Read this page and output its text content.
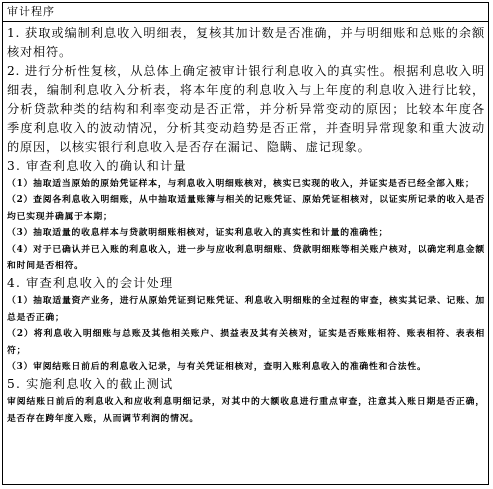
审计程序

1. 获取或编制利息收入明细表，复核其加计数是否准确，并与明细账和总账的余额核对相符。

2. 进行分析性复核，从总体上确定被审计银行利息收入的真实性。根据利息收入明细表，编制利息收入分析表，将本年度的利息收入与上年度的利息收入进行比较，分析贷款种类的结构和利率变动是否正常，并分析异常变动的原因；比较本年度各季度利息收入的波动情况，分析其变动趋势是否正常，并查明异常现象和重大波动的原因，以核实银行利息收入是否存在漏记、隐瞒、虚记现象。

3. 审查利息收入的确认和计量

（1）抽取适当原始的原始凭证样本，与利息收入明细账核对，核实已实现的收入，并证实是否已经全部入账；

（2）查阅各利息收入明细账，从中抽取适量账簿与相关的记账凭证、原始凭证相核对，以证实所记录的收入是否均已实现并确属于本期；

（3）抽取适量的收息样本与贷款明细账相核对，证实利息收入的真实性和计量的准确性；

（4）对于已确认并已入账的利息收入，进一步与应收利息明细账、贷款明细账等相关账户核对，以确定利息金额和时间是否相符。

4. 审查利息收入的会计处理

（1）抽取适量资产业务，进行从原始凭证到记账凭证、利息收入明细账的全过程的审查，核实其记录、记账、加总是否正确；

（2）将利息收入明细账与总账及其他相关账户、损益表及其有关核对，证实是否账账相符、账表相符、表表相符；

（3）审阅结账日前后的利息收入记录，与有关凭证相核对，查明入账利息收入的准确性和合法性。

5. 实施利息收入的截止测试

审阅结账日前后的利息收入和应收利息明细记录，对其中的大额收息进行重点审查，注意其入账日期是否正确，是否存在跨年度入账，从而调节利润的情况。
